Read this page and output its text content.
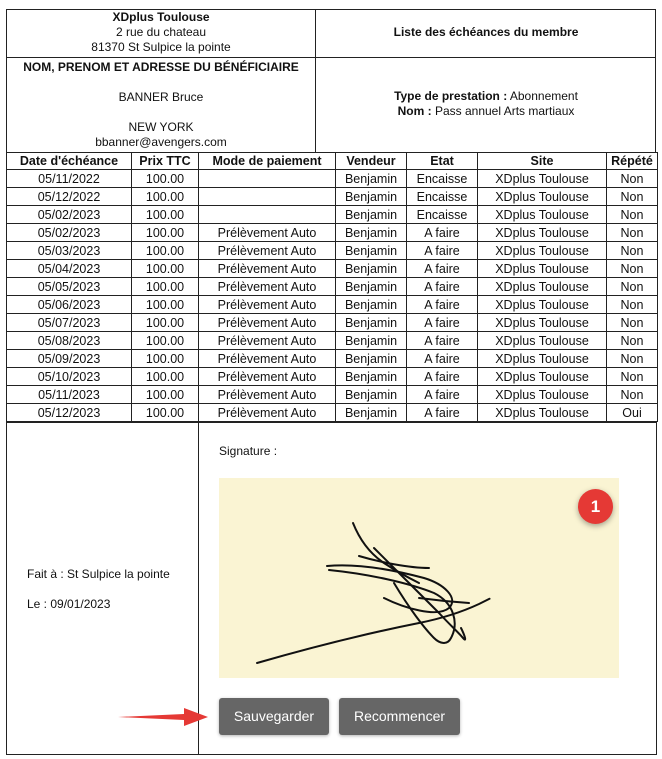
XDplus Toulouse
2 rue du chateau
81370 St Sulpice la pointe
Liste des échéances du membre
NOM, PRENOM ET ADRESSE DU BÉNÉFICIAIRE
BANNER Bruce
NEW YORK
bbanner@avengers.com
Type de prestation : Abonnement
Nom : Pass annuel Arts martiaux
Date d'échéance	Prix TTC	Mode de paiement	Vendeur	Etat	Site	Répété
05/11/2022	100.00		Benjamin	Encaisse	XDplus Toulouse	Non
05/12/2022	100.00		Benjamin	Encaisse	XDplus Toulouse	Non
05/02/2023	100.00		Benjamin	Encaisse	XDplus Toulouse	Non
05/02/2023	100.00	Prélèvement Auto	Benjamin	A faire	XDplus Toulouse	Non
05/03/2023	100.00	Prélèvement Auto	Benjamin	A faire	XDplus Toulouse	Non
05/04/2023	100.00	Prélèvement Auto	Benjamin	A faire	XDplus Toulouse	Non
05/05/2023	100.00	Prélèvement Auto	Benjamin	A faire	XDplus Toulouse	Non
05/06/2023	100.00	Prélèvement Auto	Benjamin	A faire	XDplus Toulouse	Non
05/07/2023	100.00	Prélèvement Auto	Benjamin	A faire	XDplus Toulouse	Non
05/08/2023	100.00	Prélèvement Auto	Benjamin	A faire	XDplus Toulouse	Non
05/09/2023	100.00	Prélèvement Auto	Benjamin	A faire	XDplus Toulouse	Non
05/10/2023	100.00	Prélèvement Auto	Benjamin	A faire	XDplus Toulouse	Non
05/11/2023	100.00	Prélèvement Auto	Benjamin	A faire	XDplus Toulouse	Non
05/12/2023	100.00	Prélèvement Auto	Benjamin	A faire	XDplus Toulouse	Oui
Fait à : St Sulpice la pointe
Le : 09/01/2023
Signature :
1
Sauvegarder	Recommencer
